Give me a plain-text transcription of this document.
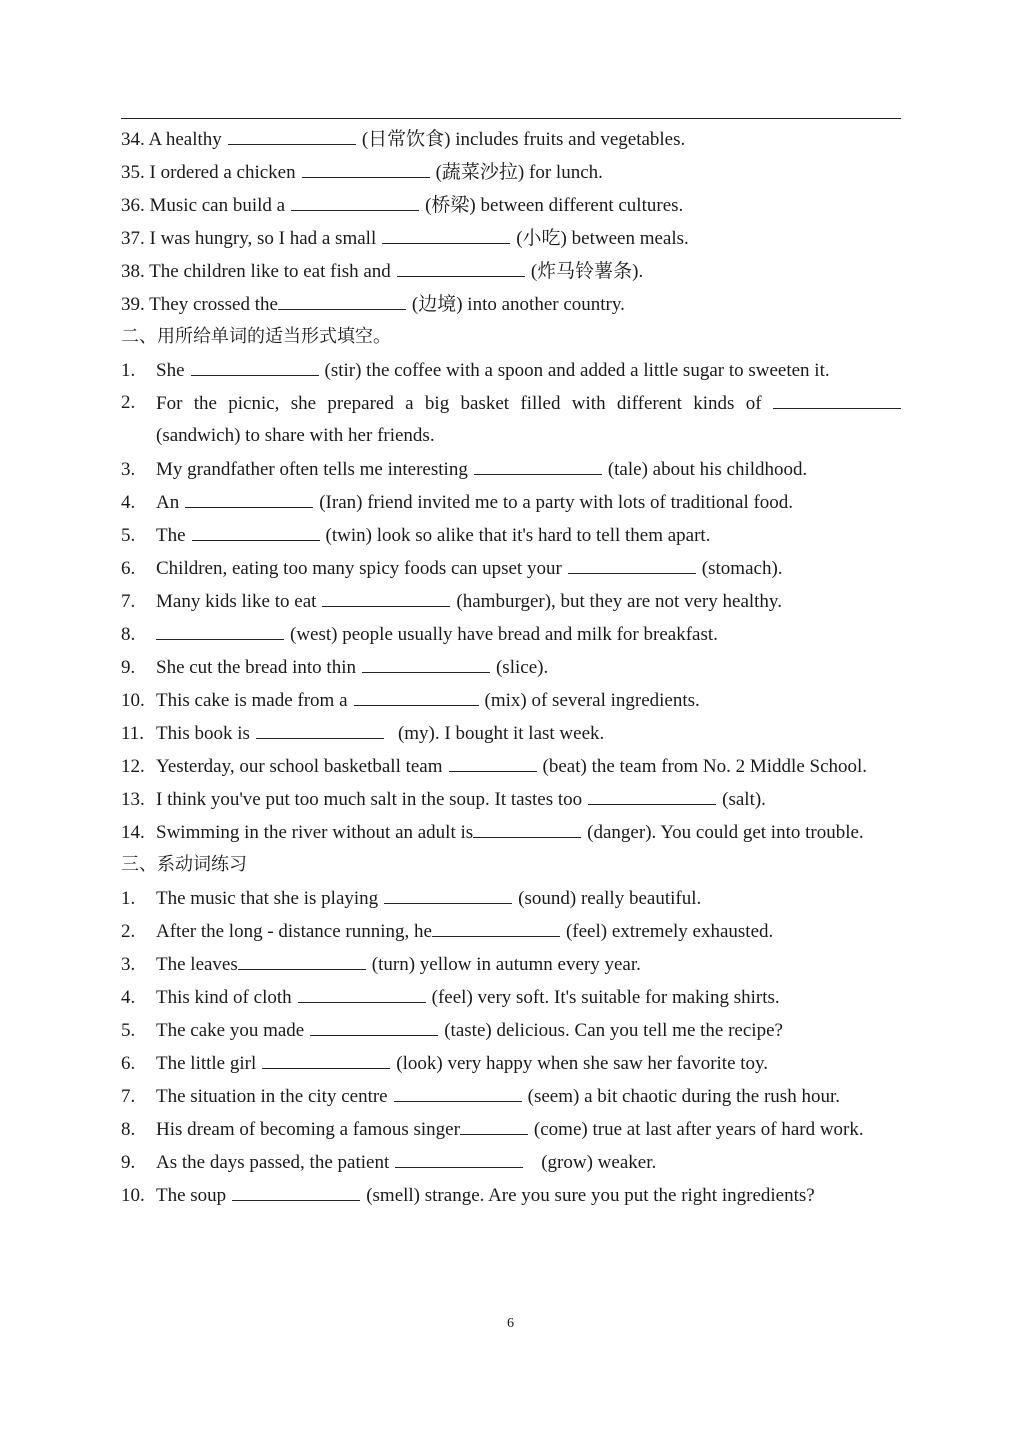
34. A healthy	(日常饮食) includes fruits and vegetables.
35. I ordered a chicken	(蔬菜沙拉) for lunch.
36. Music can build a	(桥梁) between different cultures.
37. I was hungry, so I had a small	(小吃) between meals.
38. The children like to eat fish and	(炸马铃薯条).
39. They crossed the	(边境) into another country.
二、用所给单词的适当形式填空。
1. She	(stir) the coffee with a spoon and added a little sugar to sweeten it.
2.	For the picnic, she prepared a big basket filled with different kinds of
(sandwich) to share with her friends.
3. My grandfather often tells me interesting	(tale) about his childhood.
4. An	(Iran) friend invited me to a party with lots of traditional food.
5. The	(twin) look so alike that it's hard to tell them apart.
6. Children, eating too many spicy foods can upset your	(stomach).
7. Many kids like to eat	(hamburger), but they are not very healthy.
8.	(west) people usually have bread and milk for breakfast.
9. She cut the bread into thin	(slice).
10. This cake is made from a	(mix) of several ingredients.
11. This book is	(my). I bought it last week.
12. Yesterday, our school basketball team	(beat) the team from No. 2 Middle School.
13. I think you've put too much salt in the soup. It tastes too	(salt).
14. Swimming in the river without an adult is	(danger). You could get into trouble.
三、系动词练习
1. The music that she is playing	(sound) really beautiful.
2. After the long - distance running, he	(feel) extremely exhausted.
3. The leaves	(turn) yellow in autumn every year.
4. This kind of cloth	(feel) very soft. It's suitable for making shirts.
5. The cake you made	(taste) delicious. Can you tell me the recipe?
6. The little girl	(look) very happy when she saw her favorite toy.
7. The situation in the city centre	(seem) a bit chaotic during the rush hour.
8. His dream of becoming a famous singer	(come) true at last after years of hard work.
9. As the days passed, the patient	(grow) weaker.
10. The soup	(smell) strange. Are you sure you put the right ingredients?
6
